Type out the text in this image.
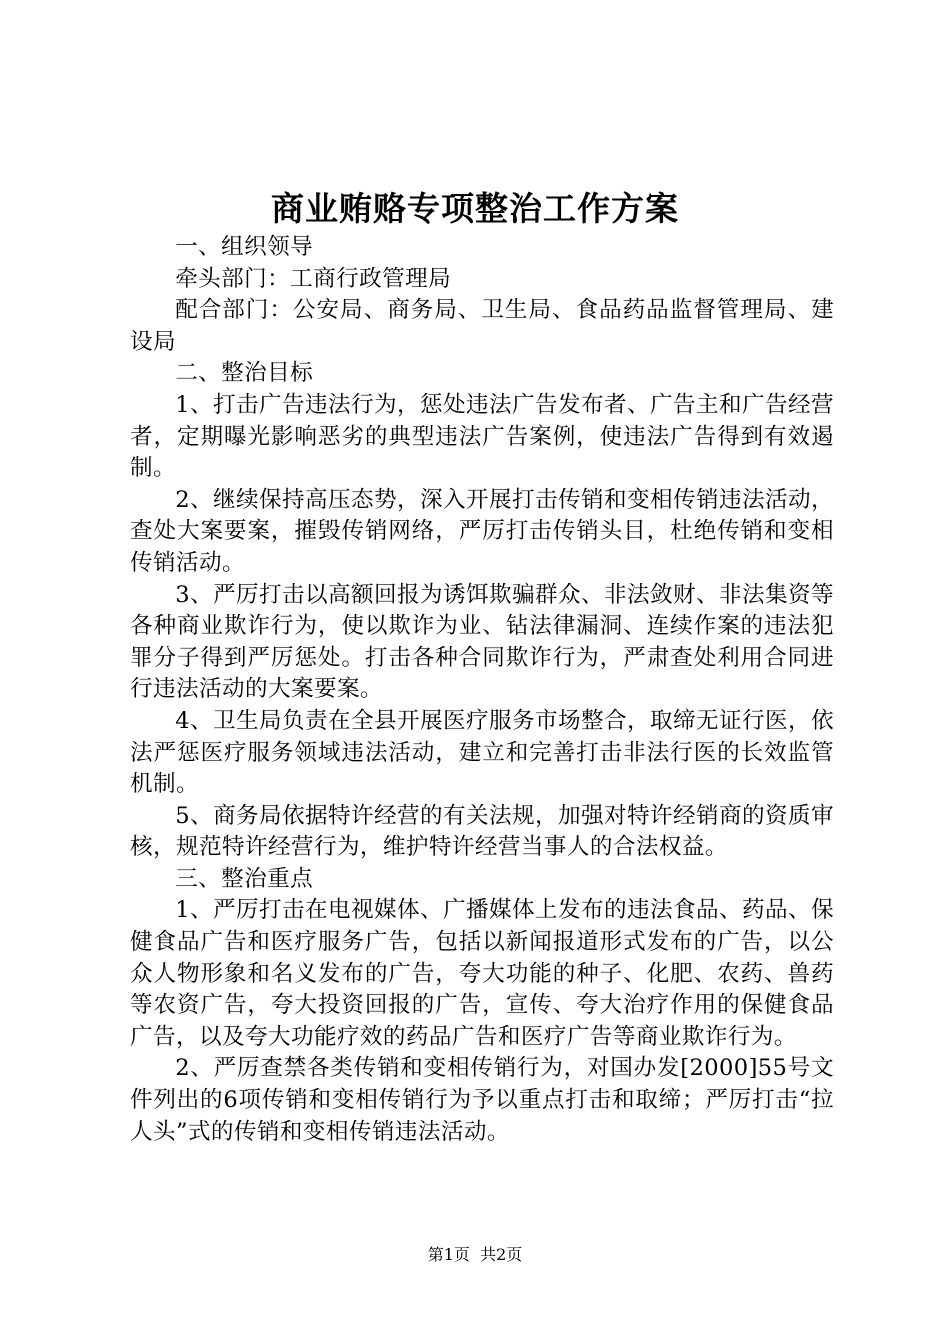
商业贿赂专项整治工作方案

一、组织领导

牵头部门：工商行政管理局

配合部门：公安局、商务局、卫生局、食品药品监督管理局、建设局

二、整治目标

1、打击广告违法行为，惩处违法广告发布者、广告主和广告经营者，定期曝光影响恶劣的典型违法广告案例，使违法广告得到有效遏制。

2、继续保持高压态势，深入开展打击传销和变相传销违法活动，查处大案要案，摧毁传销网络，严厉打击传销头目，杜绝传销和变相传销活动。

3、严厉打击以高额回报为诱饵欺骗群众、非法敛财、非法集资等各种商业欺诈行为，使以欺诈为业、钻法律漏洞、连续作案的违法犯罪分子得到严厉惩处。打击各种合同欺诈行为，严肃查处利用合同进行违法活动的大案要案。

4、卫生局负责在全县开展医疗服务市场整合，取缔无证行医，依法严惩医疗服务领域违法活动，建立和完善打击非法行医的长效监管机制。

5、商务局依据特许经营的有关法规，加强对特许经销商的资质审核，规范特许经营行为，维护特许经营当事人的合法权益。

三、整治重点

1、严厉打击在电视媒体、广播媒体上发布的违法食品、药品、保健食品广告和医疗服务广告，包括以新闻报道形式发布的广告，以公众人物形象和名义发布的广告，夸大功能的种子、化肥、农药、兽药等农资广告，夸大投资回报的广告，宣传、夸大治疗作用的保健食品广告，以及夸大功能疗效的药品广告和医疗广告等商业欺诈行为。

2、严厉查禁各类传销和变相传销行为，对国办发[2000]55号文件列出的6项传销和变相传销行为予以重点打击和取缔；严厉打击“拉人头”式的传销和变相传销违法活动。

第1页  共2页
